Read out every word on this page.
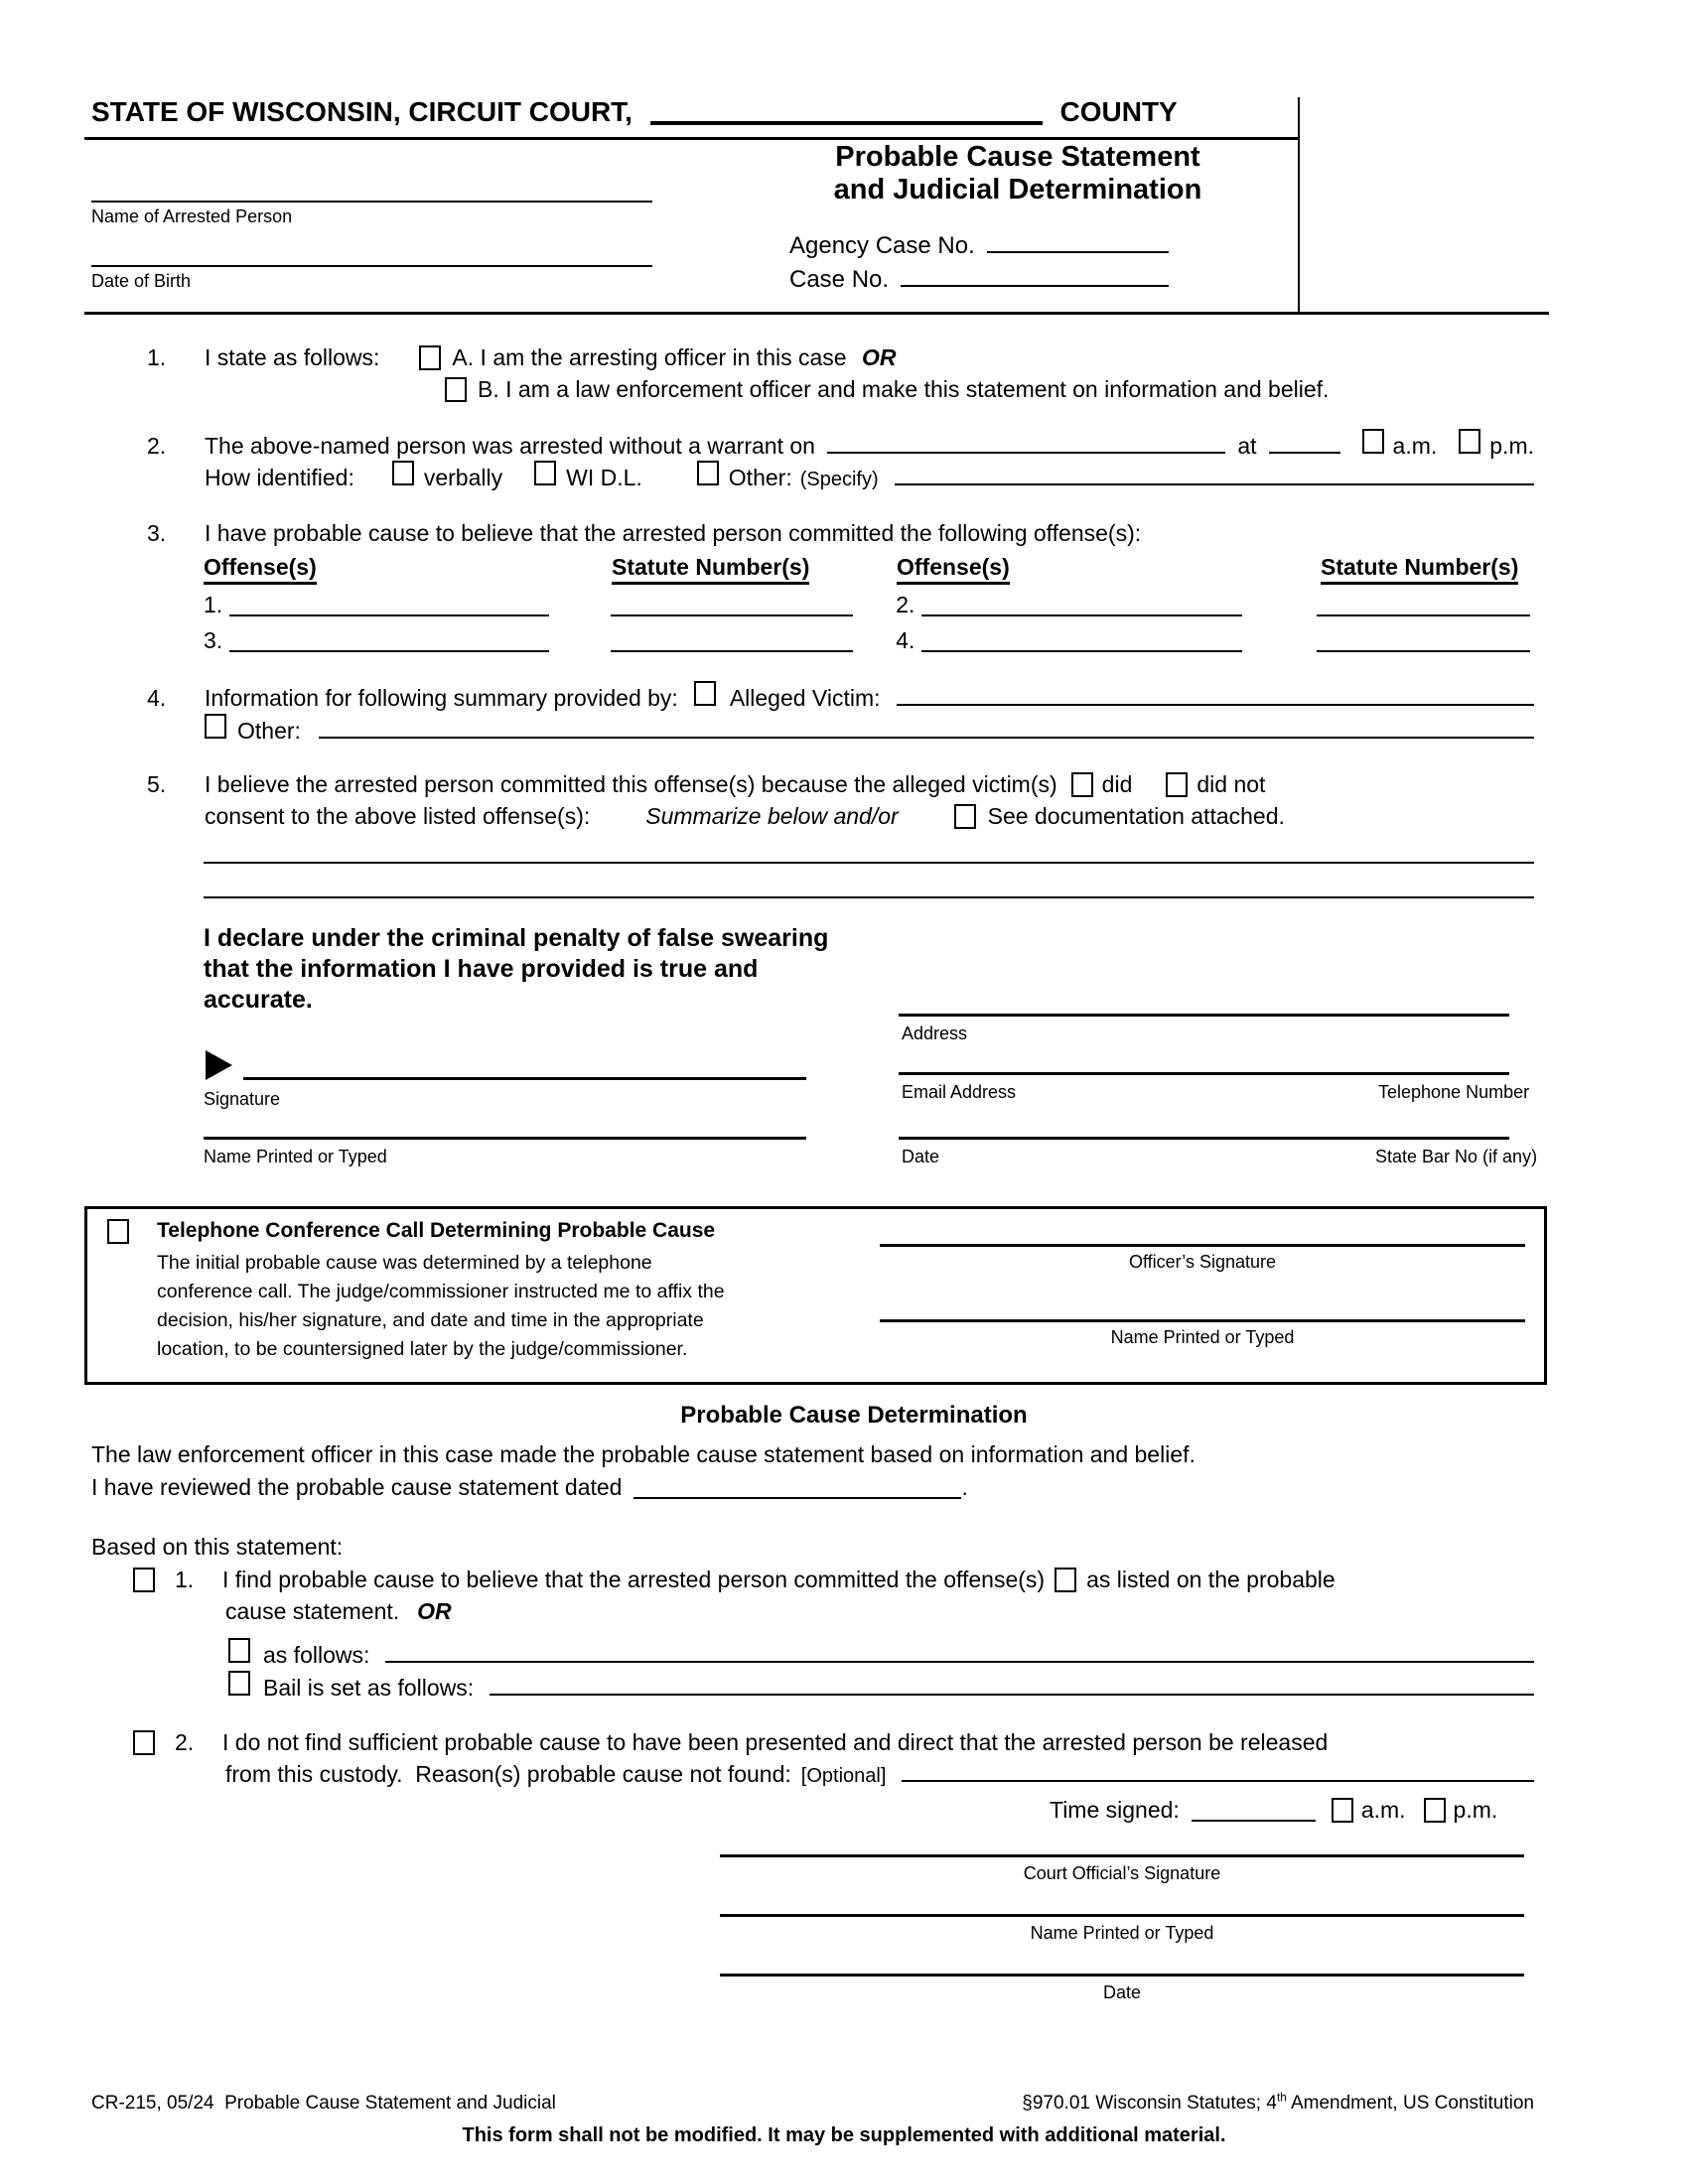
STATE OF WISCONSIN, CIRCUIT COURT,	COUNTY
Name of Arrested Person
Date of Birth
Probable Cause Statement
and Judicial Determination
Agency Case No.
Case No.
1. I state as follows:	A. I am the arresting officer in this case OR
B. I am a law enforcement officer and make this statement on information and belief.
2.	The above-named person was arrested without a warrant on	at	a.m. p.m.
How identified:	verbally	WI D.L.	Other: (Specify)
3. I have probable cause to believe that the arrested person committed the following offense(s):
Offense(s)	Statute Number(s)	Offense(s)	Statute Number(s)
1.	2.
3.	4.
4.	Information for following summary provided by: Alleged Victim:
Other:
5. I believe the arrested person committed this offense(s) because the alleged victim(s) did	did not
consent to the above listed offense(s): Summarize below and/or	See documentation attached.
I declare under the criminal penalty of false swearing that the information I have provided is true and accurate.
Signature
Name Printed or Typed
Address
Email Address	Telephone Number
Date	State Bar No (if any)
Telephone Conference Call Determining Probable Cause
The initial probable cause was determined by a telephone
conference call. The judge/commissioner instructed me to affix the
decision, his/her signature, and date and time in the appropriate
location, to be countersigned later by the judge/commissioner.
Officer’s Signature
Name Printed or Typed
Probable Cause Determination
The law enforcement officer in this case made the probable cause statement based on information and belief.
I have reviewed the probable cause statement dated	.
Based on this statement:
1. I find probable cause to believe that the arrested person committed the offense(s) as listed on the probable
cause statement. OR
as follows:
Bail is set as follows:
2. I do not find sufficient probable cause to have been presented and direct that the arrested person be released
from this custody.  Reason(s) probable cause not found: [Optional]
Time signed:	a.m. p.m.
Court Official’s Signature
Name Printed or Typed
Date
CR-215, 05/24  Probable Cause Statement and Judicial	§970.01 Wisconsin Statutes; 4th Amendment, US Constitution
This form shall not be modified. It may be supplemented with additional material.
